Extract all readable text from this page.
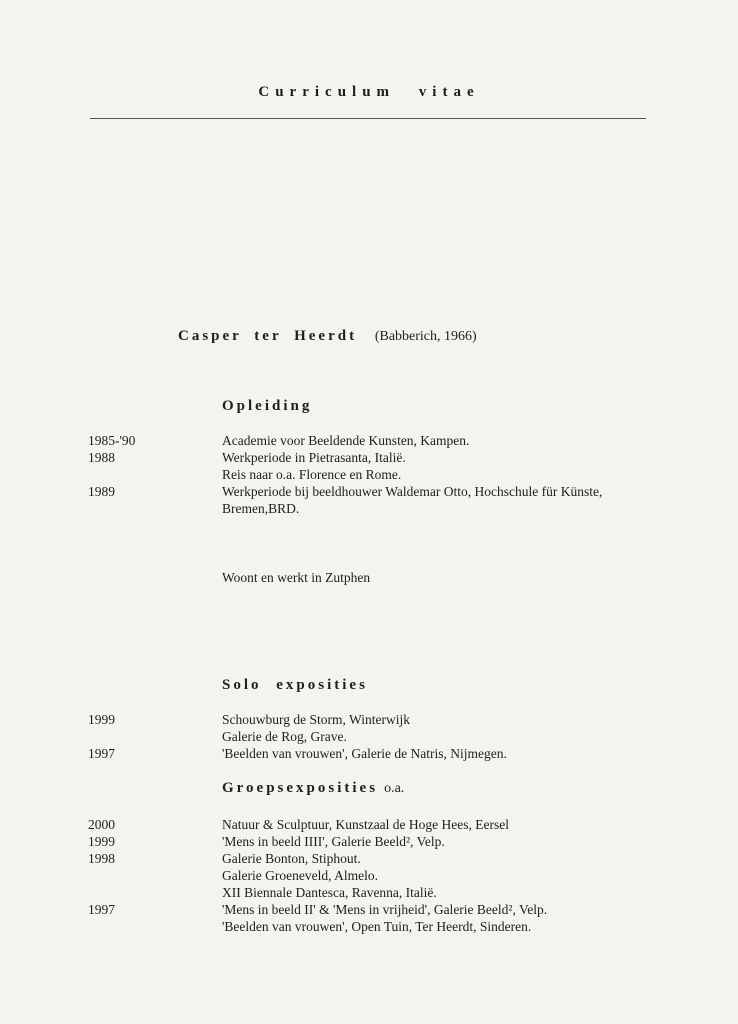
Curriculum vitae
Casper ter Heerdt (Babberich, 1966)
Opleiding
1985-'90	Academie voor Beeldende Kunsten, Kampen.
1988	Werkperiode in Pietrasanta, Italië.
Reis naar o.a. Florence en Rome.
1989	Werkperiode bij beeldhouwer Waldemar Otto, Hochschule für Künste,
Bremen,BRD.
Woont en werkt in Zutphen
Solo exposities
1999	Schouwburg de Storm, Winterwijk
Galerie de Rog, Grave.
1997	'Beelden van vrouwen', Galerie de Natris, Nijmegen.
Groepsexposities o.a.
2000	Natuur & Sculptuur, Kunstzaal de Hoge Hees, Eersel
1999	'Mens in beeld IIII', Galerie Beeld², Velp.
1998	Galerie Bonton, Stiphout.
Galerie Groeneveld, Almelo.
XII Biennale Dantesca, Ravenna, Italië.
1997	'Mens in beeld II' & 'Mens in vrijheid', Galerie Beeld², Velp.
'Beelden van vrouwen', Open Tuin, Ter Heerdt, Sinderen.
